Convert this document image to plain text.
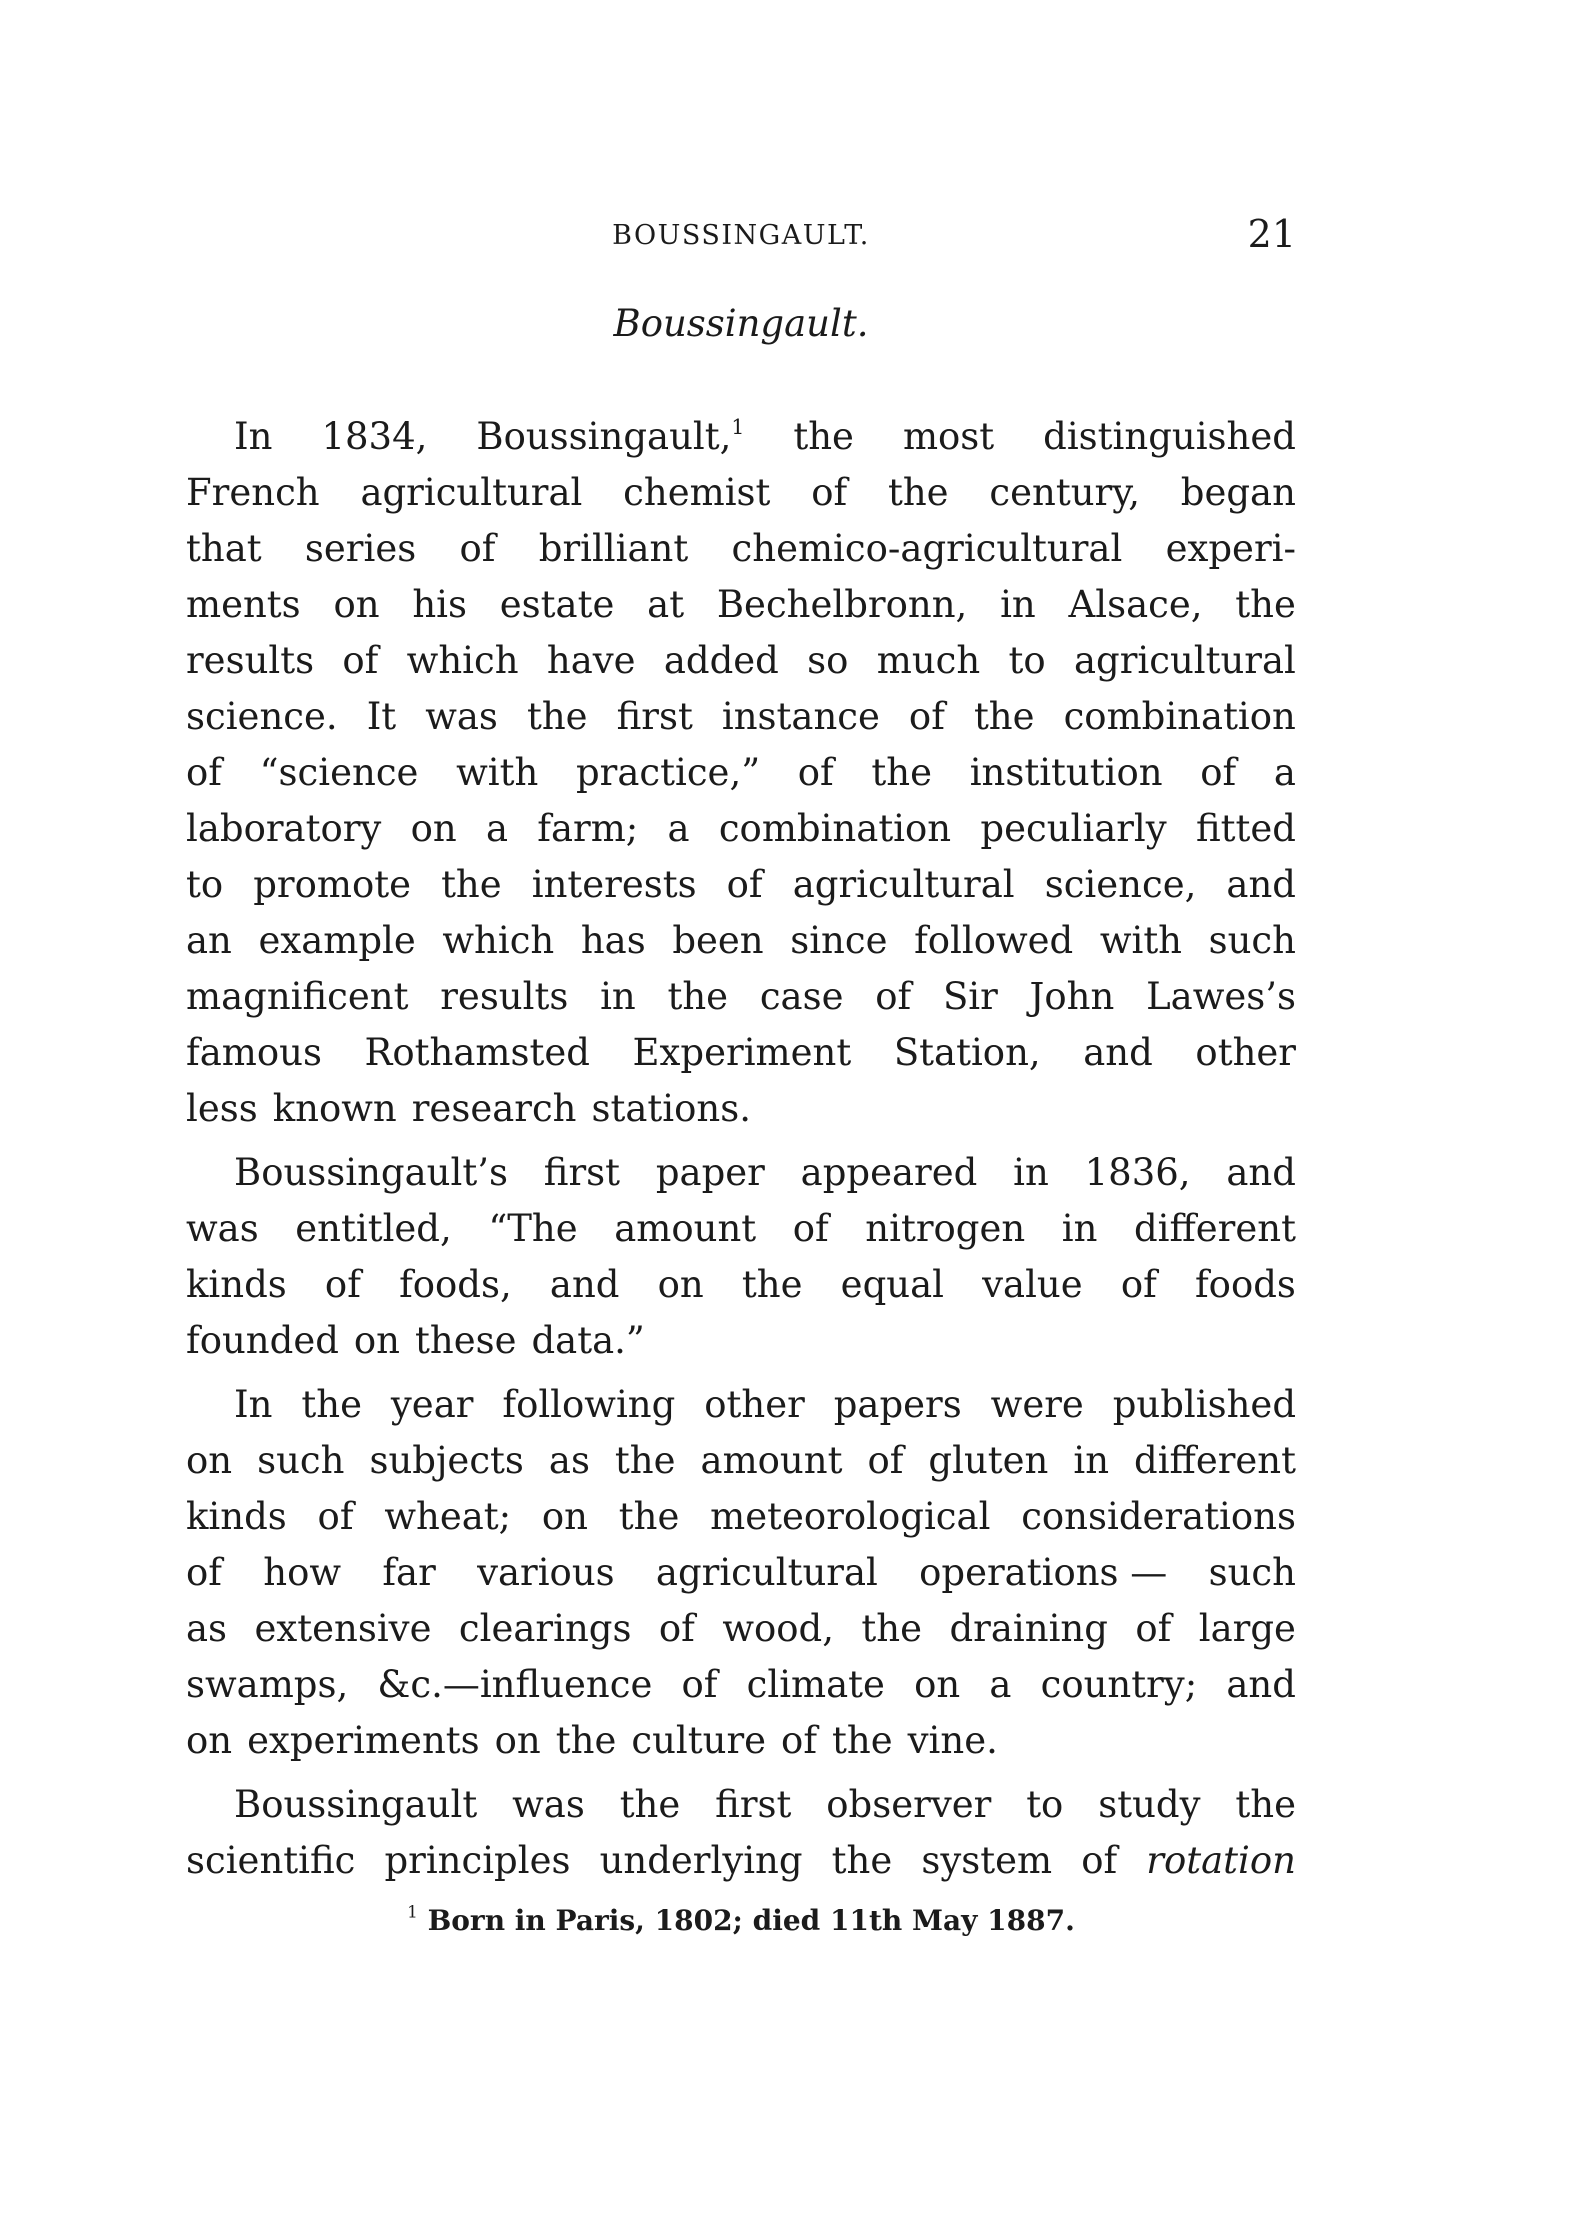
BOUSSINGAULT.	21
Boussingault.
In 1834, Boussingault,$^1$ the most distinguished
French agricultural chemist of the century, began
that series of brilliant chemico-agricultural experi-
ments on his estate at Bechelbronn, in Alsace, the
results of which have added so much to agricultural
science. It was the first instance of the combination
of “science with practice,” of the institution of a
laboratory on a farm; a combination peculiarly fitted
to promote the interests of agricultural science, and
an example which has been since followed with such
magnificent results in the case of Sir John Lawes’s
famous Rothamsted Experiment Station, and other
less known research stations.
Boussingault’s first paper appeared in 1836, and
was entitled, “The amount of nitrogen in different
kinds of foods, and on the equal value of foods
founded on these data.”
In the year following other papers were published
on such subjects as the amount of gluten in different
kinds of wheat; on the meteorological considerations
of how far various agricultural operations — such
as extensive clearings of wood, the draining of large
swamps, &c.—influence of climate on a country; and
on experiments on the culture of the vine.
Boussingault was the first observer to study the
scientific principles underlying the system of rotation
$^1$ Born in Paris, 1802; died 11th May 1887.
